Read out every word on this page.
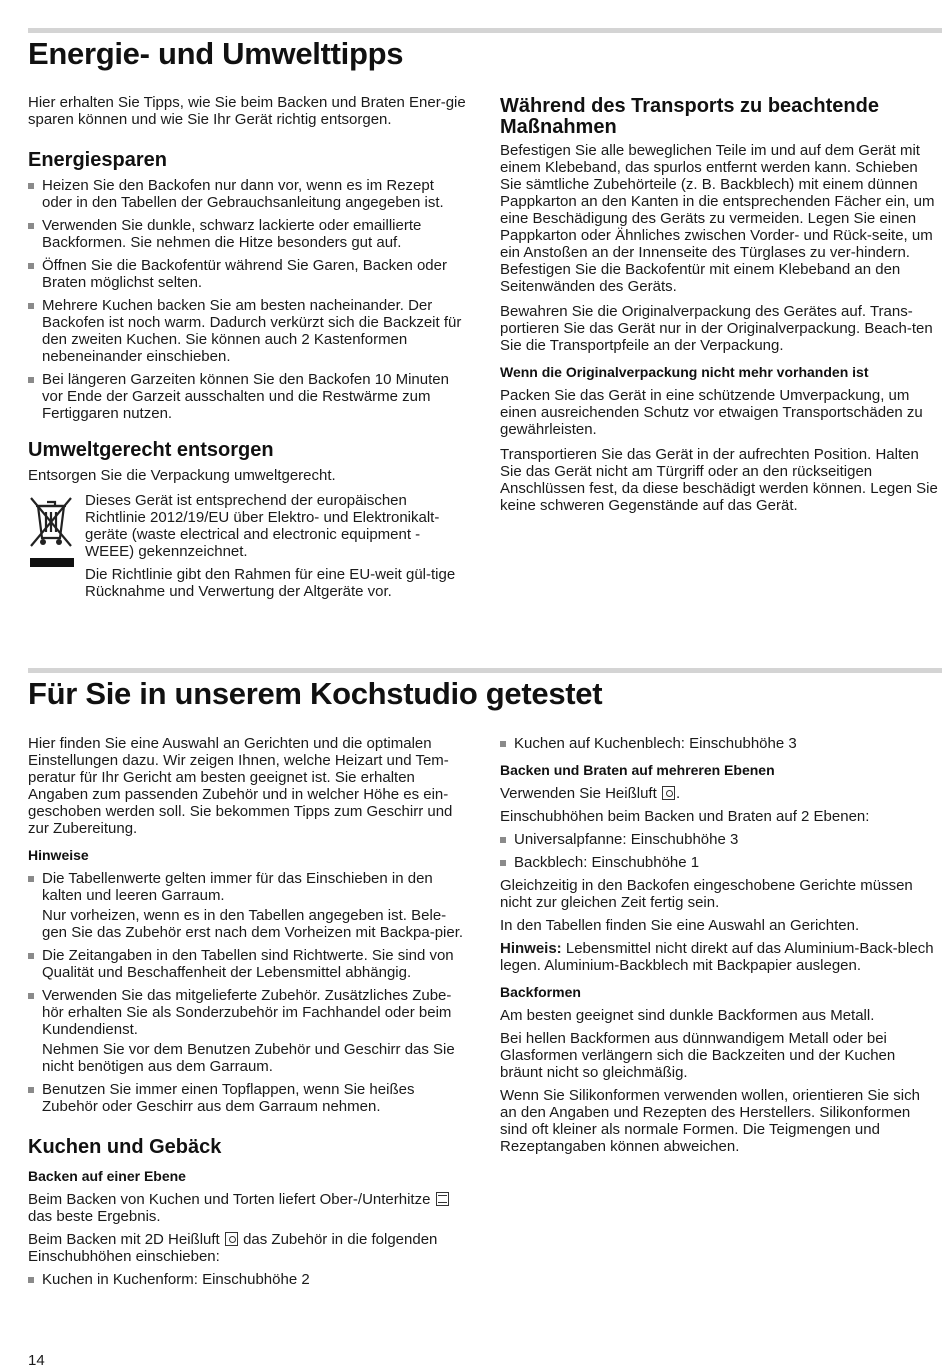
Energie- und Umwelttipps

Hier erhalten Sie Tipps, wie Sie beim Backen und Braten Ener-gie sparen können und wie Sie Ihr Gerät richtig entsorgen.

Energiesparen
Heizen Sie den Backofen nur dann vor, wenn es im Rezept oder in den Tabellen der Gebrauchsanleitung angegeben ist.
Verwenden Sie dunkle, schwarz lackierte oder emaillierte Backformen. Sie nehmen die Hitze besonders gut auf.
Öffnen Sie die Backofentür während Sie Garen, Backen oder Braten möglichst selten.
Mehrere Kuchen backen Sie am besten nacheinander. Der Backofen ist noch warm. Dadurch verkürzt sich die Backzeit für den zweiten Kuchen. Sie können auch 2 Kastenformen nebeneinander einschieben.
Bei längeren Garzeiten können Sie den Backofen 10 Minuten vor Ende der Garzeit ausschalten und die Restwärme zum Fertiggaren nutzen.
Umweltgerecht entsorgen

Entsorgen Sie die Verpackung umweltgerecht.

Dieses Gerät ist entsprechend der europäischen Richtlinie 2012/19/EU über Elektro- und Elektronikalt-geräte (waste electrical and electronic equipment - WEEE) gekennzeichnet.

Die Richtlinie gibt den Rahmen für eine EU-weit gül-tige Rücknahme und Verwertung der Altgeräte vor.

Während des Transports zu beachtende Maßnahmen

Befestigen Sie alle beweglichen Teile im und auf dem Gerät mit einem Klebeband, das spurlos entfernt werden kann. Schieben Sie sämtliche Zubehörteile (z. B. Backblech) mit einem dünnen Pappkarton an den Kanten in die entsprechenden Fächer ein, um eine Beschädigung des Geräts zu vermeiden. Legen Sie einen Pappkarton oder Ähnliches zwischen Vorder- und Rück-seite, um ein Anstoßen an der Innenseite des Türglases zu ver-hindern. Befestigen Sie die Backofentür mit einem Klebeband an den Seitenwänden des Geräts.

Bewahren Sie die Originalverpackung des Gerätes auf. Trans-portieren Sie das Gerät nur in der Originalverpackung. Beach-ten Sie die Transportpfeile an der Verpackung.

Wenn die Originalverpackung nicht mehr vorhanden ist

Packen Sie das Gerät in eine schützende Umverpackung, um einen ausreichenden Schutz vor etwaigen Transportschäden zu gewährleisten.

Transportieren Sie das Gerät in der aufrechten Position. Halten Sie das Gerät nicht am Türgriff oder an den rückseitigen Anschlüssen fest, da diese beschädigt werden können. Legen Sie keine schweren Gegenstände auf das Gerät.

Für Sie in unserem Kochstudio getestet

Hier finden Sie eine Auswahl an Gerichten und die optimalen Einstellungen dazu. Wir zeigen Ihnen, welche Heizart und Tem-peratur für Ihr Gericht am besten geeignet ist. Sie erhalten Angaben zum passenden Zubehör und in welcher Höhe es ein-geschoben werden soll. Sie bekommen Tipps zum Geschirr und zur Zubereitung.

Hinweise

Die Tabellenwerte gelten immer für das Einschieben in den kalten und leeren Garraum.

Nur vorheizen, wenn es in den Tabellen angegeben ist. Bele-gen Sie das Zubehör erst nach dem Vorheizen mit Backpa-pier.

Die Zeitangaben in den Tabellen sind Richtwerte. Sie sind von Qualität und Beschaffenheit der Lebensmittel abhängig.

Verwenden Sie das mitgelieferte Zubehör. Zusätzliches Zube-hör erhalten Sie als Sonderzubehör im Fachhandel oder beim Kundendienst.

Nehmen Sie vor dem Benutzen Zubehör und Geschirr das Sie nicht benötigen aus dem Garraum.

Benutzen Sie immer einen Topflappen, wenn Sie heißes Zubehör oder Geschirr aus dem Garraum nehmen.

Kuchen und Gebäck
Backen auf einer Ebene

Beim Backen von Kuchen und Torten liefert Ober-/Unterhitze  das beste Ergebnis.

Beim Backen mit 2D Heißluft das Zubehör in die folgenden Einschubhöhen einschieben:

Kuchen in Kuchenform: Einschubhöhe 2
Kuchen auf Kuchenblech: Einschubhöhe 3
Backen und Braten auf mehreren Ebenen

Verwenden Sie Heißluft .

Einschubhöhen beim Backen und Braten auf 2 Ebenen:

Universalpfanne: Einschubhöhe 3
Backblech: Einschubhöhe 1

Gleichzeitig in den Backofen eingeschobene Gerichte müssen nicht zur gleichen Zeit fertig sein.

In den Tabellen finden Sie eine Auswahl an Gerichten.

Hinweis: Lebensmittel nicht direkt auf das Aluminium-Back-blech legen. Aluminium-Backblech mit Backpapier auslegen.

Backformen

Am besten geeignet sind dunkle Backformen aus Metall.

Bei hellen Backformen aus dünnwandigem Metall oder bei Glasformen verlängern sich die Backzeiten und der Kuchen bräunt nicht so gleichmäßig.

Wenn Sie Silikonformen verwenden wollen, orientieren Sie sich an den Angaben und Rezepten des Herstellers. Silikonformen sind oft kleiner als normale Formen. Die Teigmengen und Rezeptangaben können abweichen.

14
